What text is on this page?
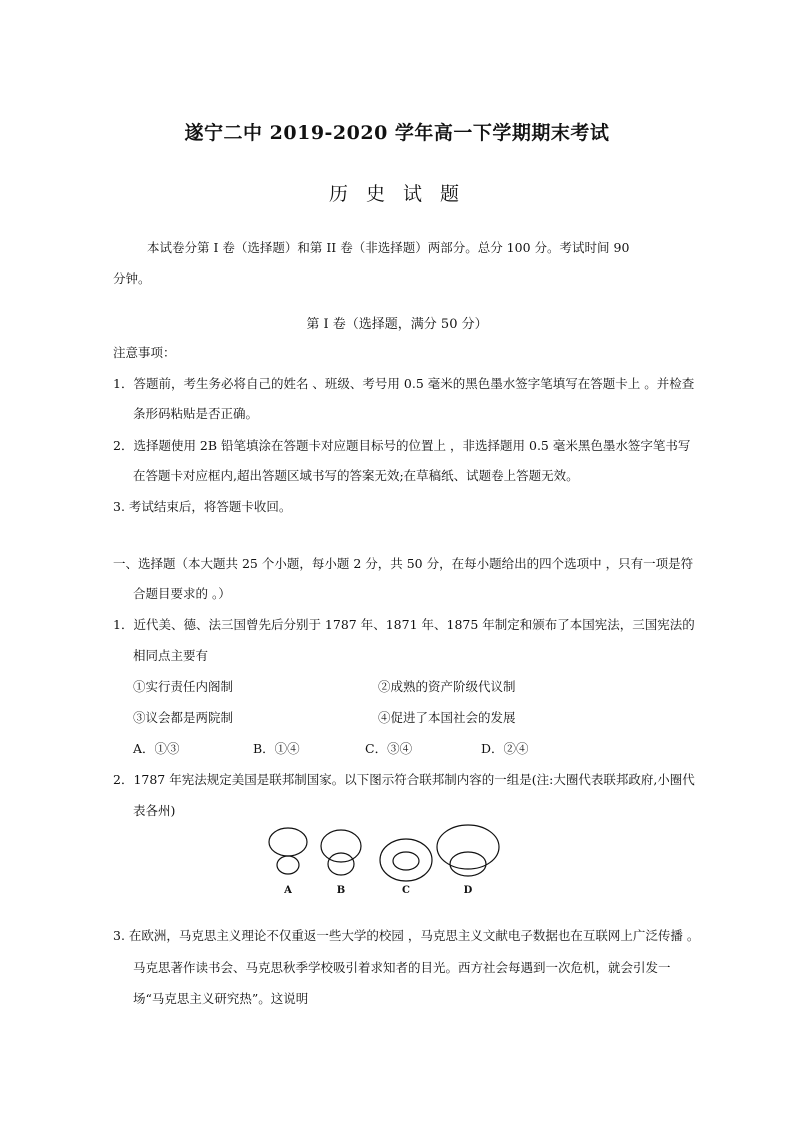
遂宁二中 2019-2020 学年高一下学期期末考试
历 史 试 题
本试卷分第 I 卷（选择题）和第 II 卷（非选择题）两部分。总分 100 分。考试时间 90
分钟。
第 I 卷（选择题，满分 50 分）
注意事项：
1．答题前，考生务必将自己的姓名 、班级、考号用 0.5 毫米的黑色墨水签字笔填写在答题卡上 。并检查
条形码粘贴是否正确。
2．选择题使用 2B 铅笔填涂在答题卡对应题目标号的位置上 ，非选择题用 0.5 毫米黑色墨水签字笔书写
在答题卡对应框内,超出答题区域书写的答案无效;在草稿纸、试题卷上答题无效。
3. 考试结束后，将答题卡收回。
一、选择题（本大题共 25 个小题，每小题 2 分，共 50 分，在每小题给出的四个选项中 ，只有一项是符
合题目要求的 。）
1．近代美、德、法三国曾先后分别于 1787 年、1871 年、1875 年制定和颁布了本国宪法，三国宪法的
相同点主要有
①实行责任内阁制	②成熟的资产阶级代议制
③议会都是两院制	④促进了本国社会的发展
A．①③	B．①④	C．③④	D．②④
2．1787 年宪法规定美国是联邦制国家。以下图示符合联邦制内容的一组是(注:大圈代表联邦政府,小圈代
表各州)
A	B	C	D
3. 在欧洲，马克思主义理论不仅重返一些大学的校园 ，马克思主义文献电子数据也在互联网上广泛传播 。
马克思著作读书会、马克思秋季学校吸引着求知者的目光。西方社会每遇到一次危机，就会引发一
场“马克思主义研究热”。这说明
